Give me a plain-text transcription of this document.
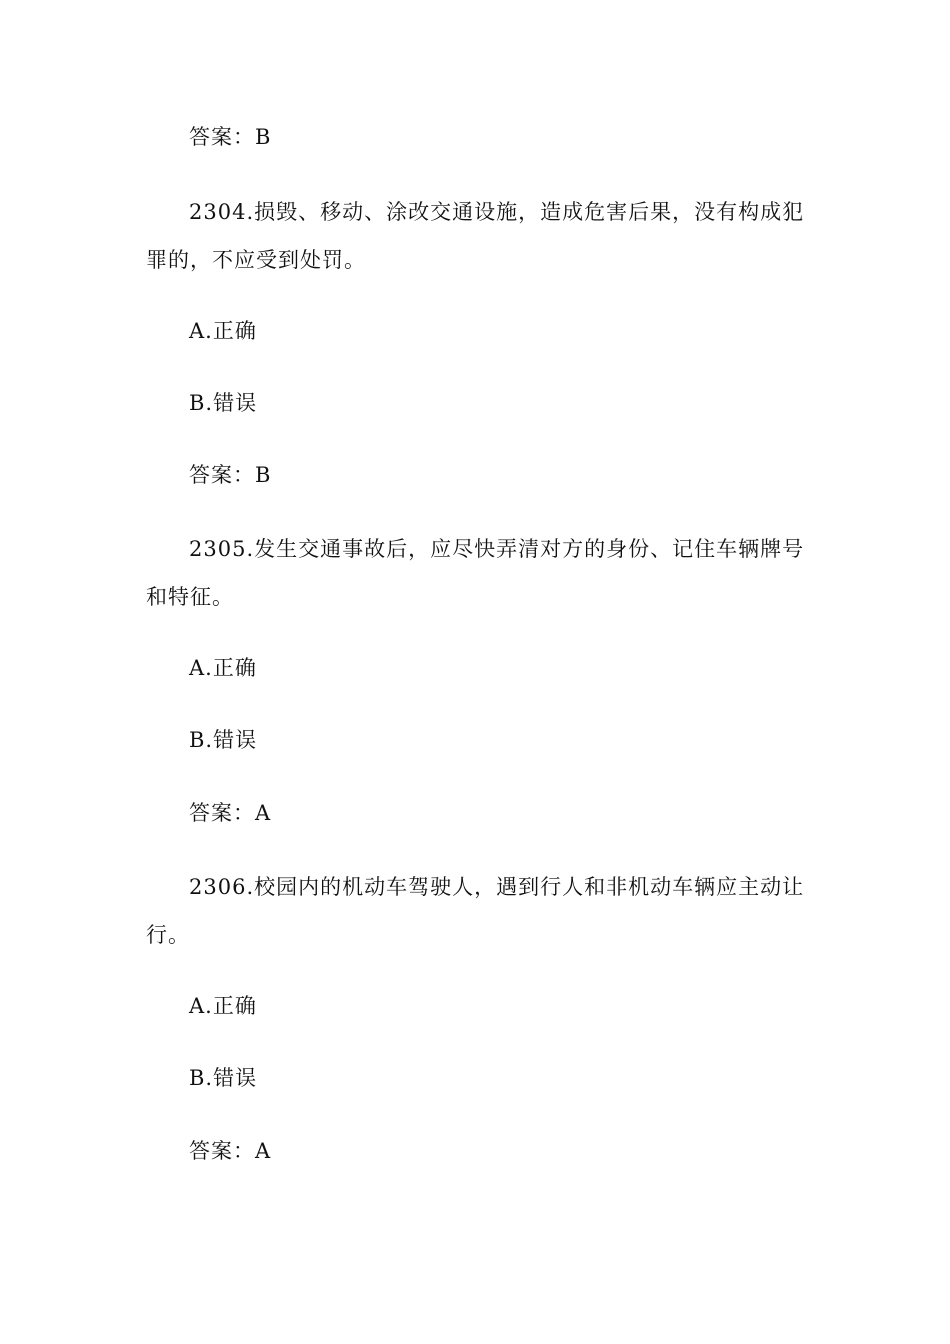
答案：B
2304.损毁、移动、涂改交通设施，造成危害后果，没有构成犯
罪的，不应受到处罚。
A.正确
B.错误
答案：B
2305.发生交通事故后，应尽快弄清对方的身份、记住车辆牌号
和特征。
A.正确
B.错误
答案：A
2306.校园内的机动车驾驶人，遇到行人和非机动车辆应主动让
行。
A.正确
B.错误
答案：A
